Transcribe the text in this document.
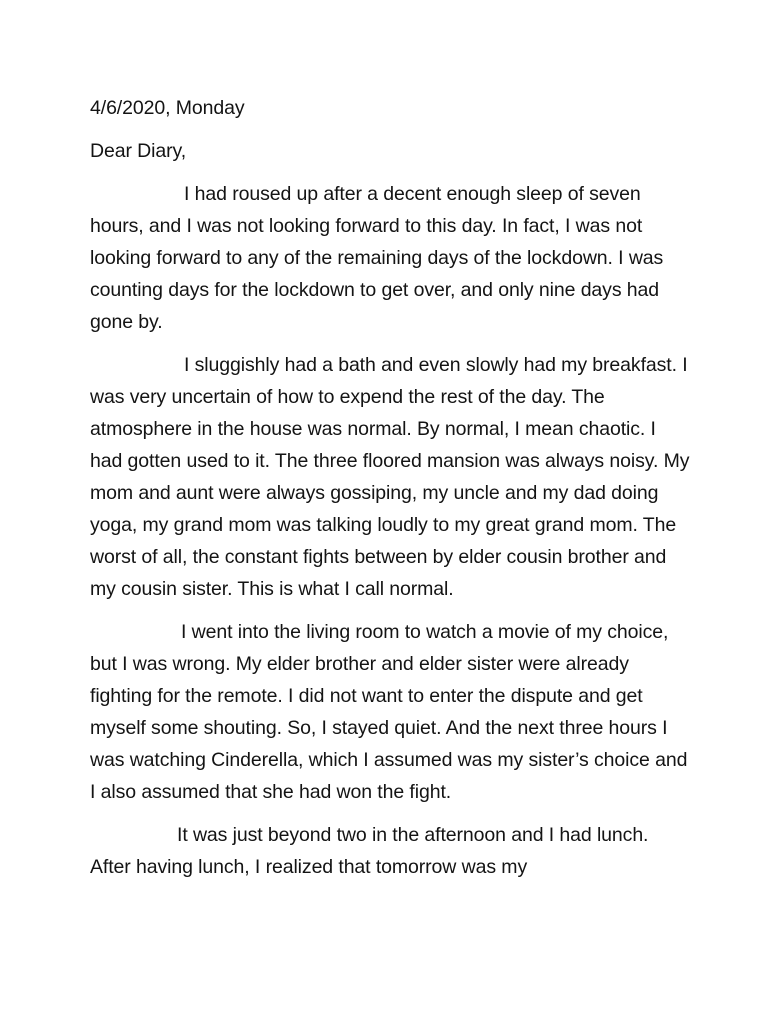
4/6/2020, Monday

Dear Diary,

I had roused up after a decent enough sleep of seven hours, and I was not looking forward to this day. In fact, I was not looking forward to any of the remaining days of the lockdown. I was counting days for the lockdown to get over, and only nine days had gone by.

I sluggishly had a bath and even slowly had my breakfast. I was very uncertain of how to expend the rest of the day. The atmosphere in the house was normal. By normal, I mean chaotic. I had gotten used to it. The three floored mansion was always noisy. My mom and aunt were always gossiping, my uncle and my dad doing yoga, my grand mom was talking loudly to my great grand mom. The worst of all, the constant fights between by elder cousin brother and my cousin sister. This is what I call normal.

I went into the living room to watch a movie of my choice, but I was wrong. My elder brother and elder sister were already fighting for the remote. I did not want to enter the dispute and get myself some shouting. So, I stayed quiet. And the next three hours I was watching Cinderella, which I assumed was my sister’s choice and I also assumed that she had won the fight.

It was just beyond two in the afternoon and I had lunch. After having lunch, I realized that tomorrow was my
